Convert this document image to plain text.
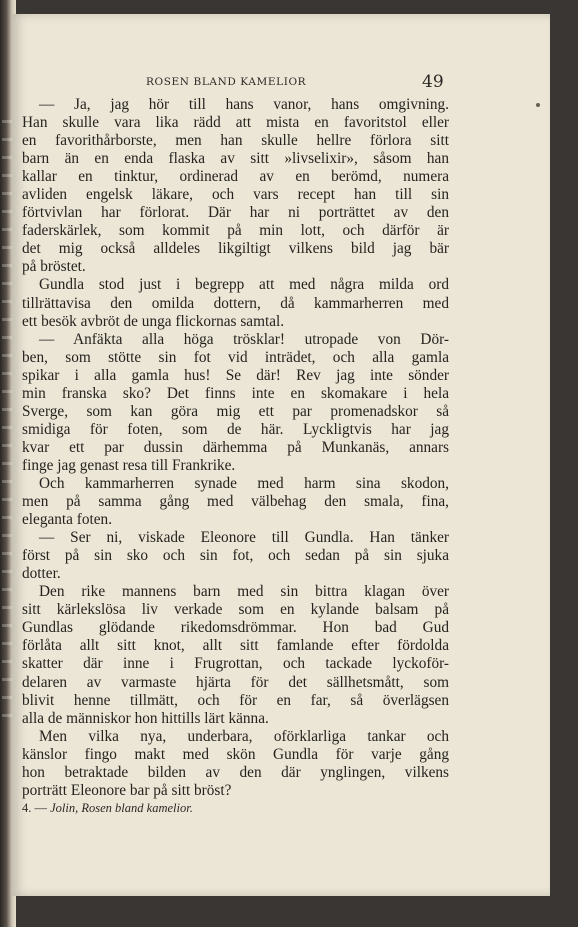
ROSEN BLAND KAMELIOR	49
— Ja, jag hör till hans vanor, hans omgivning.
Han skulle vara lika rädd att mista en favoritstol eller
en favorithårborste, men han skulle hellre förlora sitt
barn än en enda flaska av sitt »livselixir», såsom han
kallar en tinktur, ordinerad av en berömd, numera
avliden engelsk läkare, och vars recept han till sin
förtvivlan har förlorat. Där har ni porträttet av den
faderskärlek, som kommit på min lott, och därför är
det mig också alldeles likgiltigt vilkens bild jag bär
på bröstet.
Gundla stod just i begrepp att med några milda ord
tillrättavisa den omilda dottern, då kammarherren med
ett besök avbröt de unga flickornas samtal.
— Anfäkta alla höga trösklar! utropade von Dör-
ben, som stötte sin fot vid inträdet, och alla gamla
spikar i alla gamla hus! Se där! Rev jag inte sönder
min franska sko? Det finns inte en skomakare i hela
Sverge, som kan göra mig ett par promenadskor så
smidiga för foten, som de här. Lyckligtvis har jag
kvar ett par dussin därhemma på Munkanäs, annars
finge jag genast resa till Frankrike.
Och kammarherren synade med harm sina skodon,
men på samma gång med välbehag den smala, fina,
eleganta foten.
— Ser ni, viskade Eleonore till Gundla. Han tänker
först på sin sko och sin fot, och sedan på sin sjuka
dotter.
Den rike mannens barn med sin bittra klagan över
sitt kärlekslösa liv verkade som en kylande balsam på
Gundlas glödande rikedomsdrömmar. Hon bad Gud
förlåta allt sitt knot, allt sitt famlande efter fördolda
skatter där inne i Frugrottan, och tackade lyckoför-
delaren av varmaste hjärta för det sällhetsmått, som
blivit henne tillmätt, och för en far, så överlägsen
alla de människor hon hittills lärt känna.
Men vilka nya, underbara, oförklarliga tankar och
känslor fingo makt med skön Gundla för varje gång
hon betraktade bilden av den där ynglingen, vilkens
porträtt Eleonore bar på sitt bröst?
4. — Jolin, Rosen bland kamelior.
